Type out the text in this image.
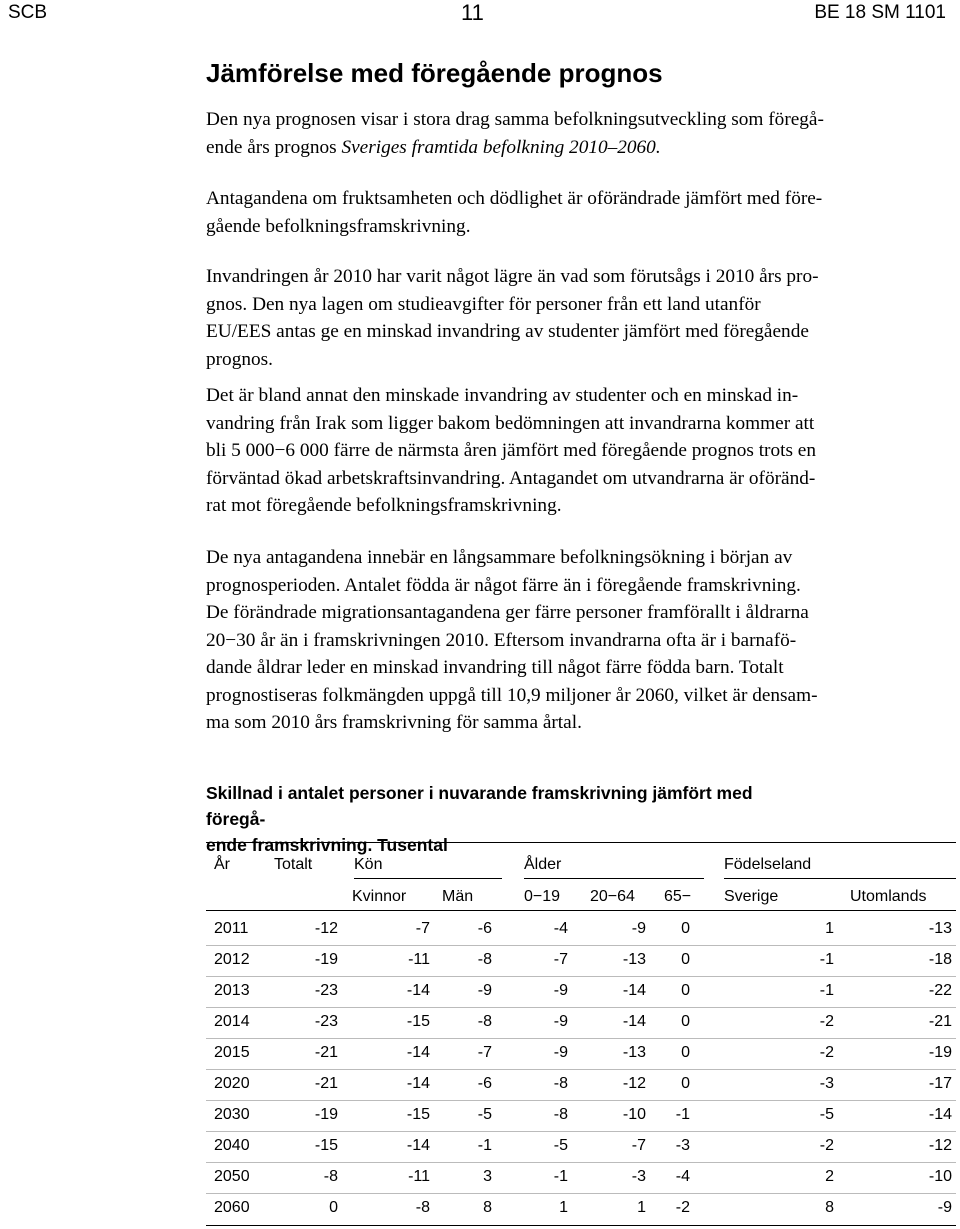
SCB	11	BE 18 SM 1101
Jämförelse med föregående prognos

Den nya prognosen visar i stora drag samma befolkningsutveckling som föregå-

ende års prognos Sveriges framtida befolkning 2010–2060.

Antagandena om fruktsamheten och dödlighet är oförändrade jämfört med före-

gående befolkningsframskrivning.

Invandringen år 2010 har varit något lägre än vad som förutsågs i 2010 års pro-

gnos. Den nya lagen om studieavgifter för personer från ett land utanför

EU/EES antas ge en minskad invandring av studenter jämfört med föregående

prognos.

Det är bland annat den minskade invandring av studenter och en minskad in-

vandring från Irak som ligger bakom bedömningen att invandrarna kommer att

bli 5 000−6 000 färre de närmsta åren jämfört med föregående prognos trots en

förväntad ökad arbetskraftsinvandring. Antagandet om utvandrarna är oföränd-

rat mot föregående befolkningsframskrivning.

De nya antagandena innebär en långsammare befolkningsökning i början av

prognosperioden. Antalet födda är något färre än i föregående framskrivning.

De förändrade migrationsantagandena ger färre personer framförallt i åldrarna

20−30 år än i framskrivningen 2010. Eftersom invandrarna ofta är i barnafö-

dande åldrar leder en minskad invandring till något färre födda barn. Totalt

prognostiseras folkmängden uppgå till 10,9 miljoner år 2060, vilket är densam-

ma som 2010 års framskrivning för samma årtal.

Skillnad i antalet personer i nuvarande framskrivning jämfört med föregå-
ende framskrivning. Tusental
År	Totalt	Kön	Ålder	Födelseland
Kvinnor Män	0−19 20−64 65− Sverige	Utomlands
2011	-12	-7	-6	-4	-9 0	1	-13
2012	-19	-11	-8	-7	-13 0	-1	-18
2013	-23	-14	-9	-9	-14 0	-1	-22
2014	-23	-15	-8	-9	-14 0	-2	-21
2015	-21	-14	-7	-9	-13 0	-2	-19
2020	-21	-14	-6	-8	-12 0	-3	-17
2030	-19	-15	-5	-8	-10 -1	-5	-14
2040	-15	-14	-1	-5	-7 -3	-2	-12
2050	-8	-11	3	-1	-3 -4	2	-10
2060	0	-8	8	1	1 -2	8	-9
